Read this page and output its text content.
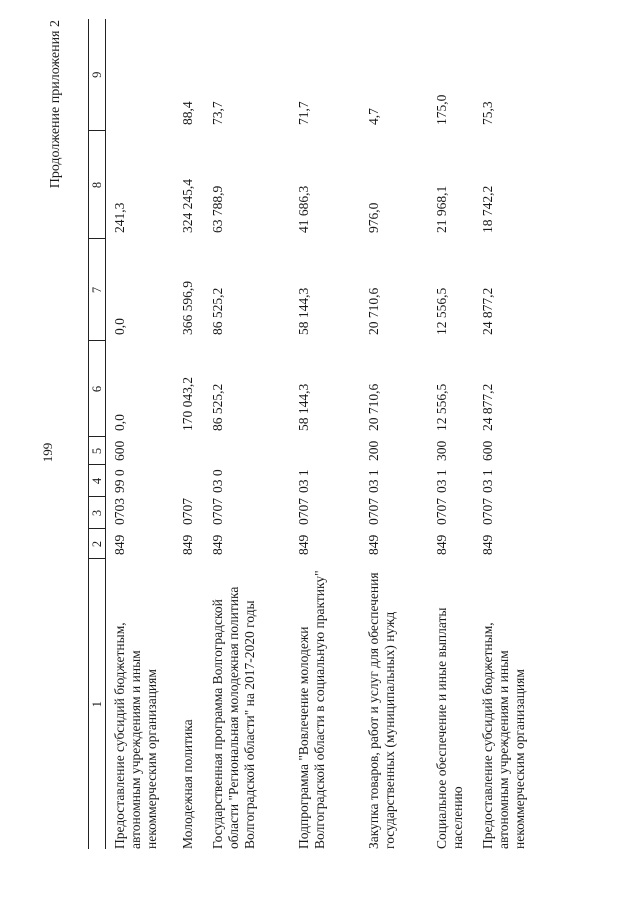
199
Продолжение приложения 2
1	2	3	4	5	6	7	8	9
Предоставление субсидий бюджетным, автономным учреждениям и иным некоммерческим организациям	849	0703	99 0	600	0,0	0,0	241,3	
Молодежная политика	849	0707			170 043,2	366 596,9	324 245,4	88,4
Государственная программа Волгоградской области "Региональная молодежная политика Волгоградской области" на 2017-2020 годы	849	0707	03 0		86 525,2	86 525,2	63 788,9	73,7
Подпрограмма "Вовлечение молодежи Волгоградской области в социальную практику"	849	0707	03 1		58 144,3	58 144,3	41 686,3	71,7
Закупка товаров, работ и услуг для обеспечения государственных (муниципальных) нужд	849	0707	03 1	200	20 710,6	20 710,6	976,0	4,7
Социальное обеспечение и иные выплаты населению	849	0707	03 1	300	12 556,5	12 556,5	21 968,1	175,0
Предоставление субсидий бюджетным, автономным учреждениям и иным некоммерческим организациям	849	0707	03 1	600	24 877,2	24 877,2	18 742,2	75,3
